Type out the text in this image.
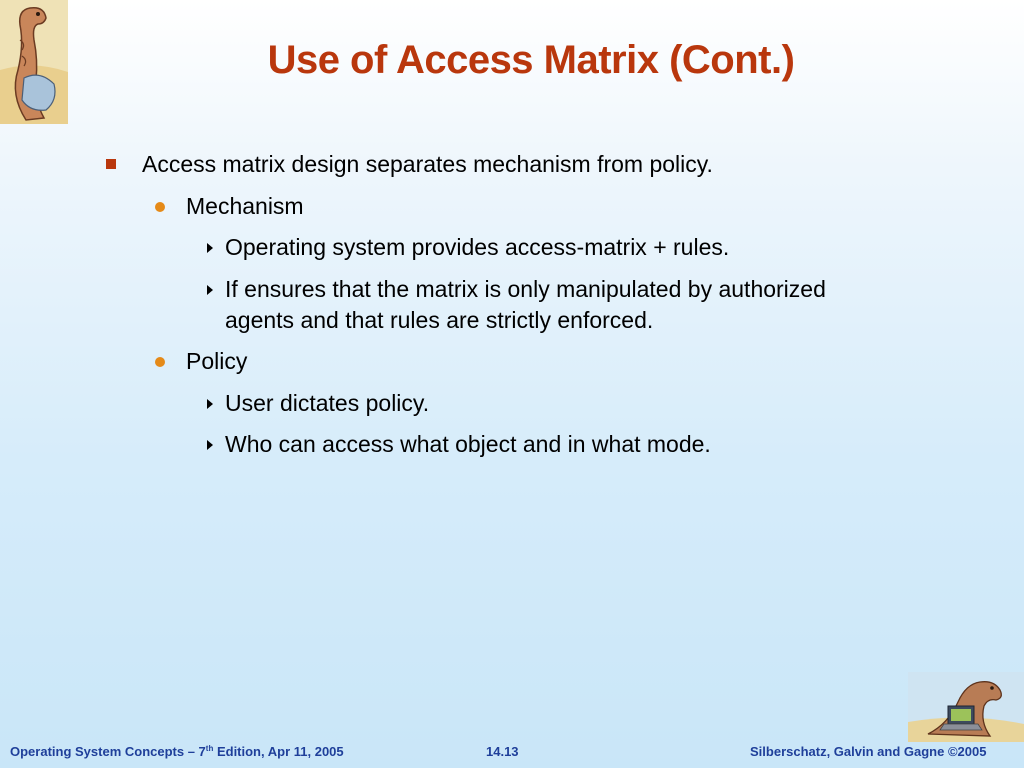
Use of Access Matrix (Cont.)
Access matrix design separates mechanism from policy.
Mechanism
Operating system provides access-matrix + rules.
If ensures that the matrix is only manipulated by authorized
agents and that rules are strictly enforced.
Policy
User dictates policy.
Who can access what object and in what mode.
Operating System Concepts – 7th Edition, Apr 11, 2005	14.13	Silberschatz, Galvin and Gagne ©2005
